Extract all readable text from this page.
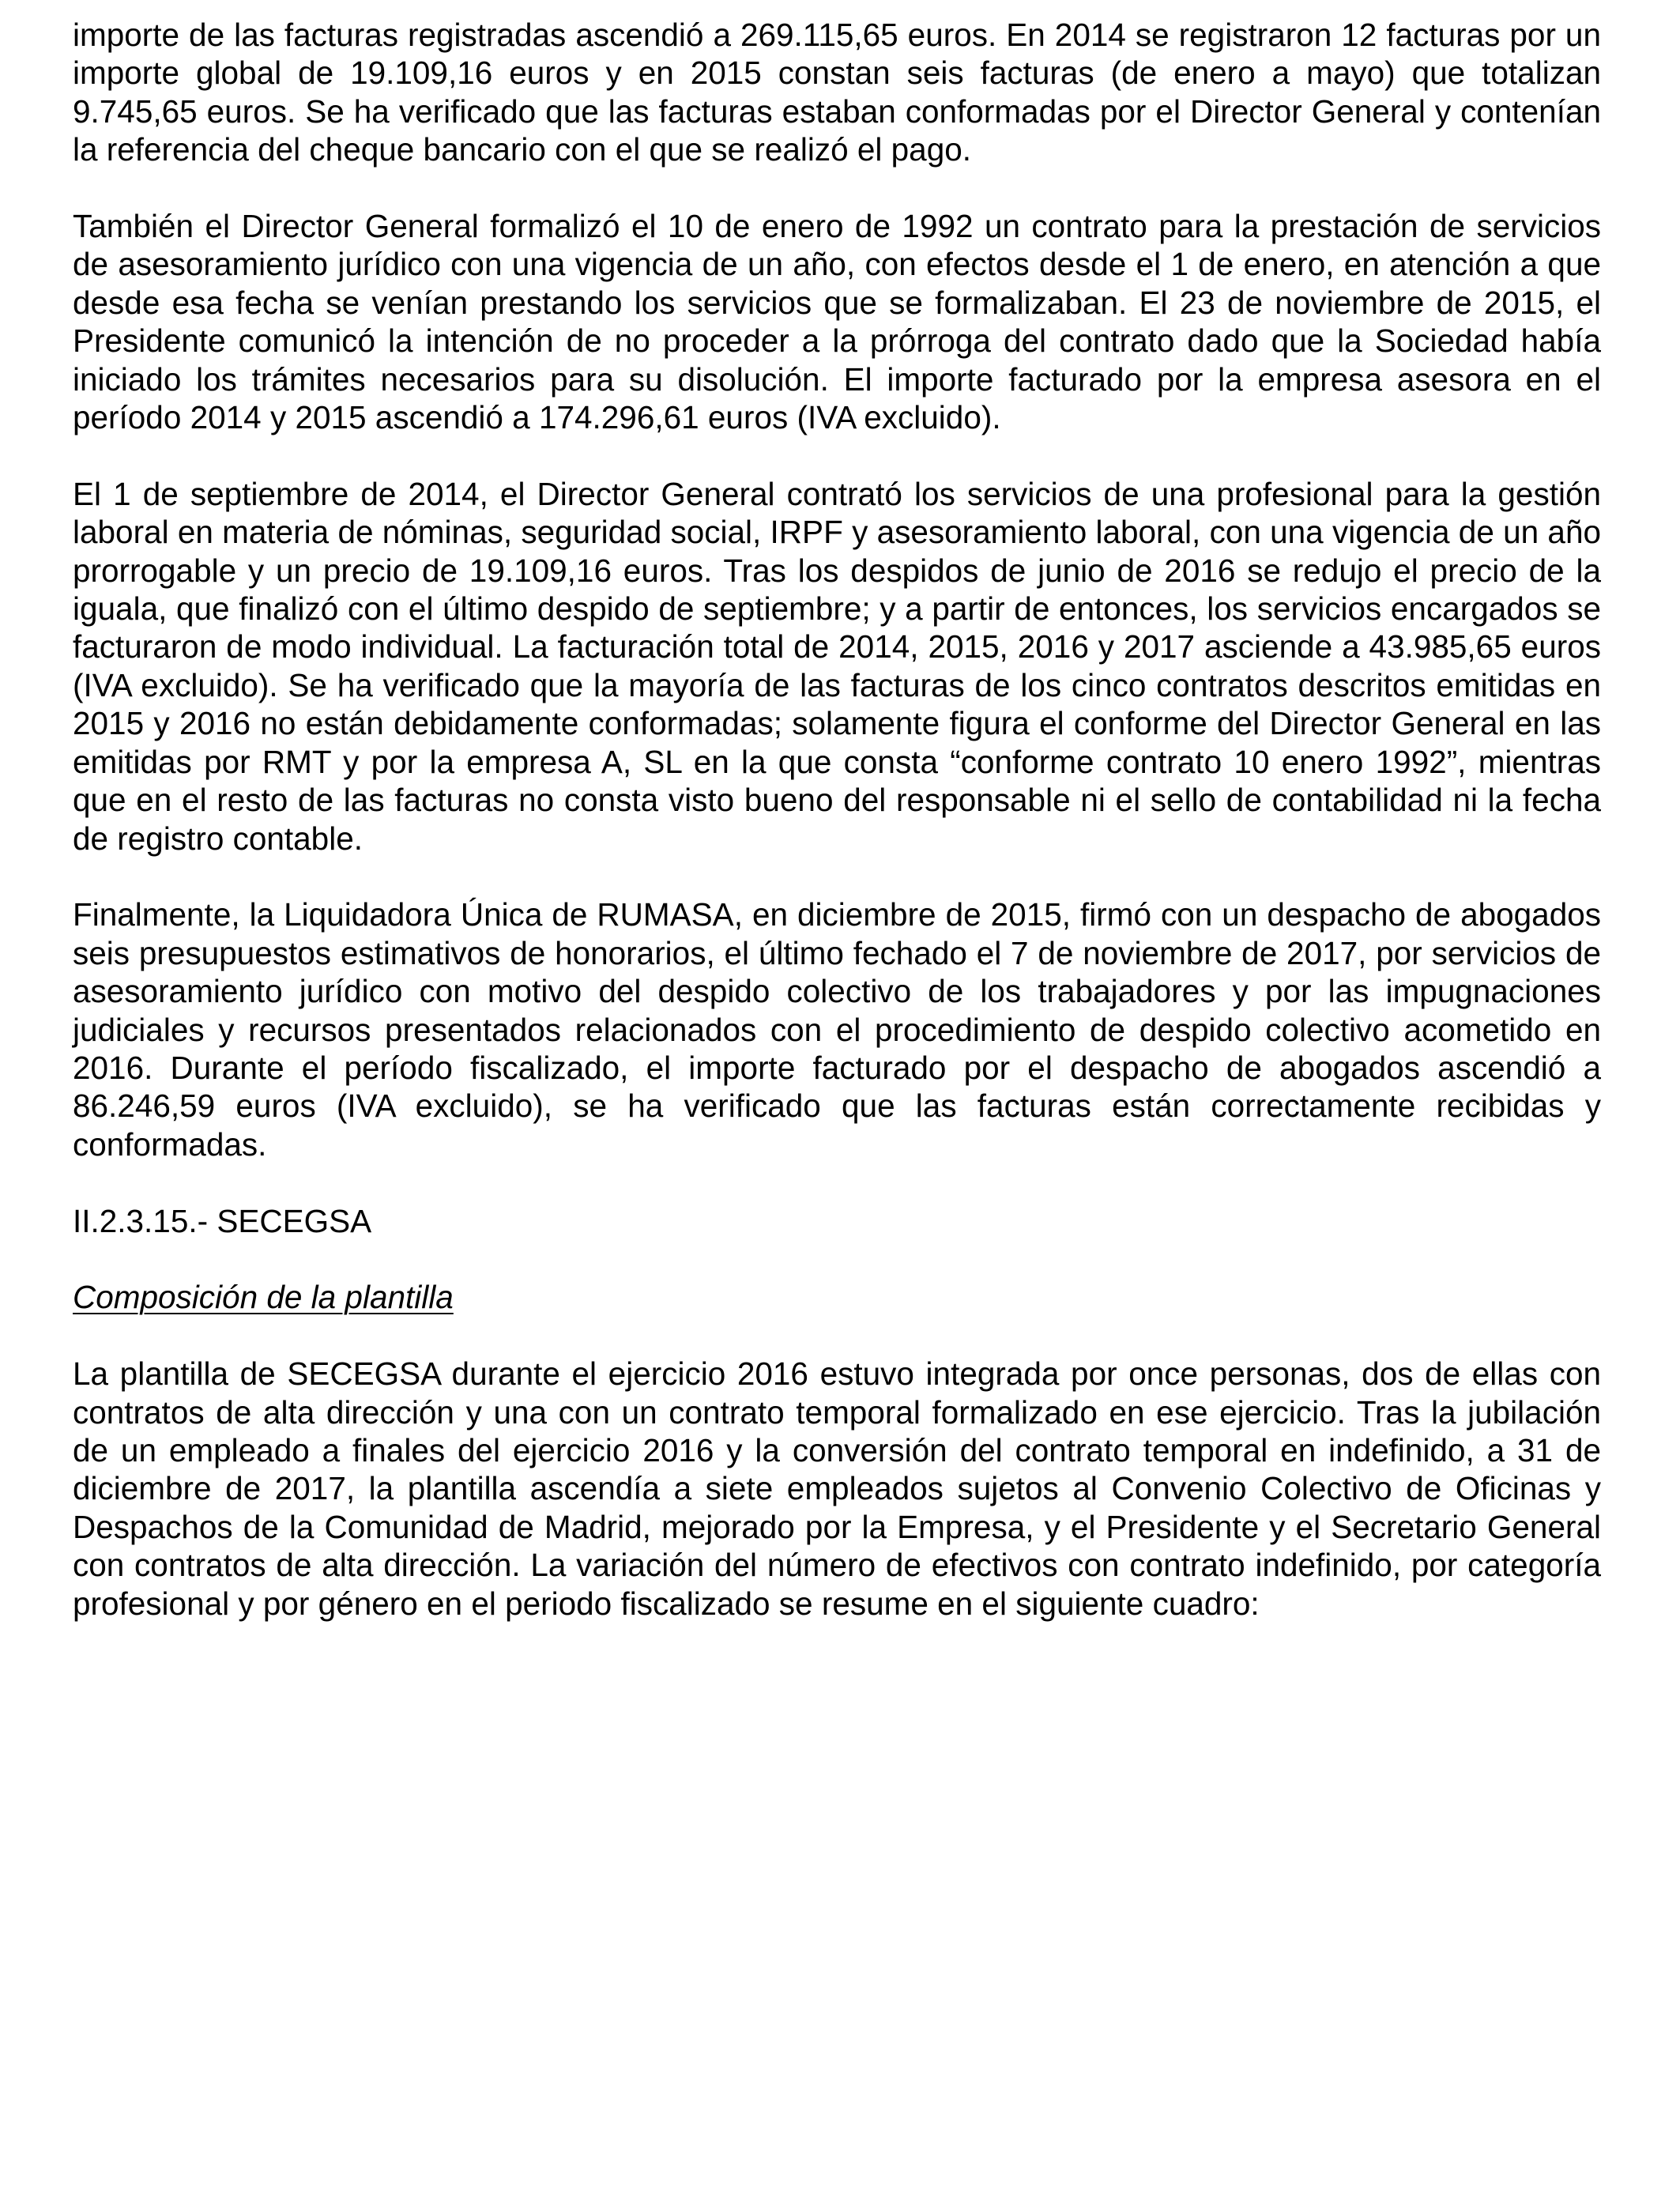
importe de las facturas registradas ascendió a 269.115,65 euros. En 2014 se registraron 12 facturas por un importe global de 19.109,16 euros y en 2015 constan seis facturas (de enero a mayo) que totalizan 9.745,65 euros. Se ha verificado que las facturas estaban conformadas por el Director General y contenían la referencia del cheque bancario con el que se realizó el pago.

También el Director General formalizó el 10 de enero de 1992 un contrato para la prestación de servicios de asesoramiento jurídico con una vigencia de un año, con efectos desde el 1 de enero, en atención a que desde esa fecha se venían prestando los servicios que se formalizaban. El 23 de noviembre de 2015, el Presidente comunicó la intención de no proceder a la prórroga del contrato dado que la Sociedad había iniciado los trámites necesarios para su disolución. El importe facturado por la empresa asesora en el período 2014 y 2015 ascendió a 174.296,61 euros (IVA excluido).

El 1 de septiembre de 2014, el Director General contrató los servicios de una profesional para la gestión laboral en materia de nóminas, seguridad social, IRPF y asesoramiento laboral, con una vigencia de un año prorrogable y un precio de 19.109,16 euros. Tras los despidos de junio de 2016 se redujo el precio de la iguala, que finalizó con el último despido de septiembre; y a partir de entonces, los servicios encargados se facturaron de modo individual. La facturación total de 2014, 2015, 2016 y 2017 asciende a 43.985,65 euros (IVA excluido). Se ha verificado que la mayoría de las facturas de los cinco contratos descritos emitidas en 2015 y 2016 no están debidamente conformadas; solamente figura el conforme del Director General en las emitidas por RMT y por la empresa A, SL en la que consta “conforme contrato 10 enero 1992”, mientras que en el resto de las facturas no consta visto bueno del responsable ni el sello de contabilidad ni la fecha de registro contable.

Finalmente, la Liquidadora Única de RUMASA, en diciembre de 2015, firmó con un despacho de abogados seis presupuestos estimativos de honorarios, el último fechado el 7 de noviembre de 2017, por servicios de asesoramiento jurídico con motivo del despido colectivo de los trabajadores y por las impugnaciones judiciales y recursos presentados relacionados con el procedimiento de despido colectivo acometido en 2016. Durante el período fiscalizado, el importe facturado por el despacho de abogados ascendió a 86.246,59 euros (IVA excluido), se ha verificado que las facturas están correctamente recibidas y conformadas.

II.2.3.15.- SECEGSA

Composición de la plantilla

La plantilla de SECEGSA durante el ejercicio 2016 estuvo integrada por once personas, dos de ellas con contratos de alta dirección y una con un contrato temporal formalizado en ese ejercicio. Tras la jubilación de un empleado a finales del ejercicio 2016 y la conversión del contrato temporal en indefinido, a 31 de diciembre de 2017, la plantilla ascendía a siete empleados sujetos al Convenio Colectivo de Oficinas y Despachos de la Comunidad de Madrid, mejorado por la Empresa, y el Presidente y el Secretario General con contratos de alta dirección. La variación del número de efectivos con contrato indefinido, por categoría profesional y por género en el periodo fiscalizado se resume en el siguiente cuadro:
